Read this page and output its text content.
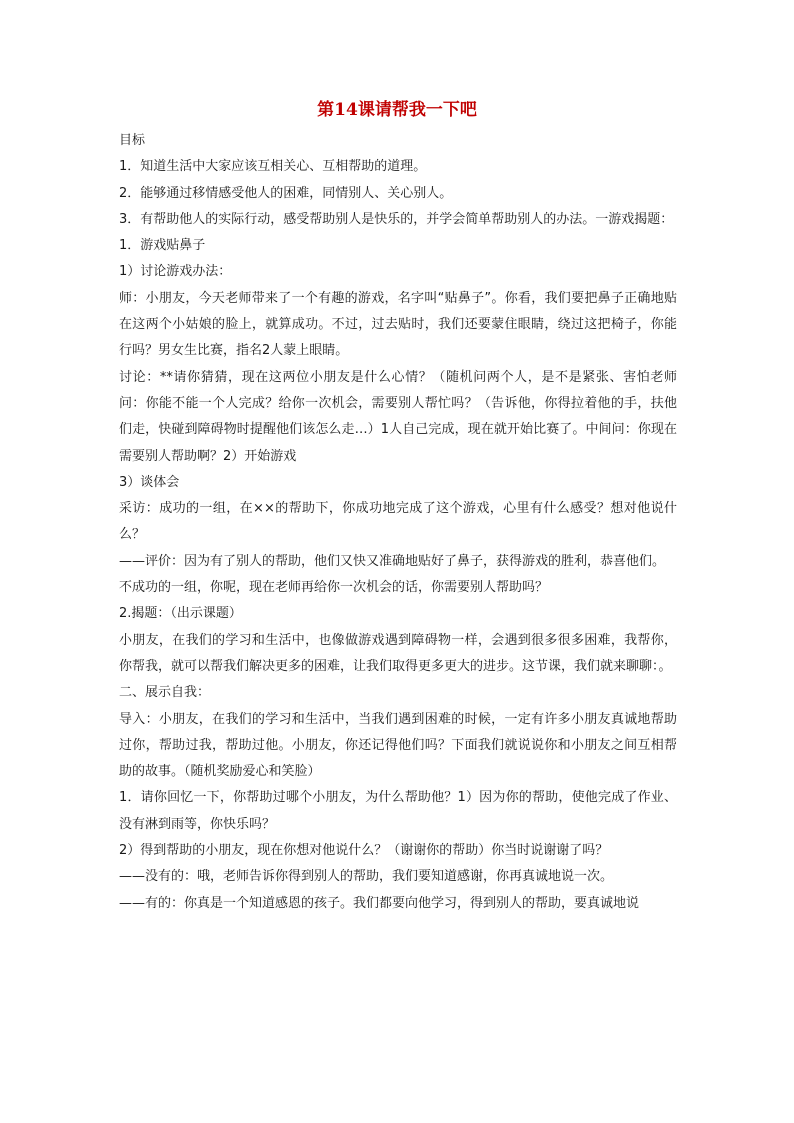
第14课请帮我一下吧

目标

1．知道生活中大家应该互相关心、互相帮助的道理。

2．能够通过移情感受他人的困难，同情别人、关心别人。

3．有帮助他人的实际行动，感受帮助别人是快乐的，并学会简单帮助别人的办法。一游戏揭题：

1．游戏贴鼻子

1）讨论游戏办法：

师：小朋友，今天老师带来了一个有趣的游戏，名字叫“贴鼻子”。你看，我们要把鼻子正确地贴在这两个小姑娘的脸上，就算成功。不过，过去贴时，我们还要蒙住眼睛，绕过这把椅子，你能行吗？男女生比赛，指名2人蒙上眼睛。

讨论：**请你猜猜，现在这两位小朋友是什么心情？（随机问两个人，是不是紧张、害怕老师问：你能不能一个人完成？给你一次机会，需要别人帮忙吗？（告诉他，你得拉着他的手，扶他们走，快碰到障碍物时提醒他们该怎么走…）1人自己完成，现在就开始比赛了。中间问：你现在需要别人帮助啊？2）开始游戏

3）谈体会

采访：成功的一组，在××的帮助下，你成功地完成了这个游戏，心里有什么感受？想对他说什么？

——评价：因为有了别人的帮助，他们又快又准确地贴好了鼻子，获得游戏的胜利，恭喜他们。

不成功的一组，你呢，现在老师再给你一次机会的话，你需要别人帮助吗？

2.揭题：（出示课题）

小朋友，在我们的学习和生活中，也像做游戏遇到障碍物一样，会遇到很多很多困难，我帮你，你帮我，就可以帮我们解决更多的困难，让我们取得更多更大的进步。这节课，我们就来聊聊：。

二、展示自我：

导入：小朋友，在我们的学习和生活中，当我们遇到困难的时候，一定有许多小朋友真诚地帮助过你，帮助过我，帮助过他。小朋友，你还记得他们吗？下面我们就说说你和小朋友之间互相帮助的故事。（随机奖励爱心和笑脸）

1．请你回忆一下，你帮助过哪个小朋友，为什么帮助他？1）因为你的帮助，使他完成了作业、没有淋到雨等，你快乐吗？

2）得到帮助的小朋友，现在你想对他说什么？（谢谢你的帮助）你当时说谢谢了吗？

——没有的：哦，老师告诉你得到别人的帮助，我们要知道感谢，你再真诚地说一次。

——有的：你真是一个知道感恩的孩子。我们都要向他学习，得到别人的帮助，要真诚地说
